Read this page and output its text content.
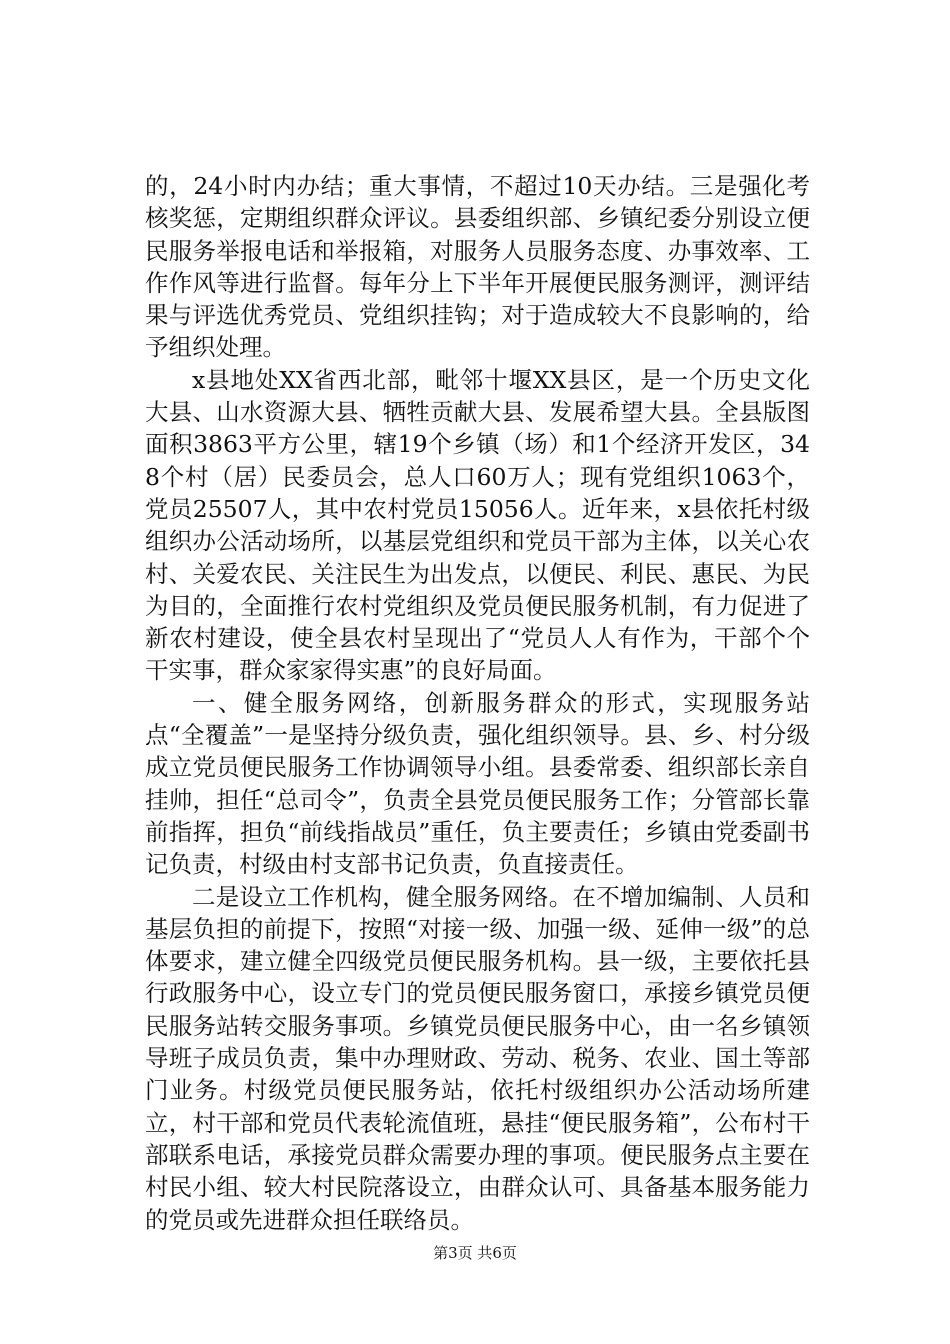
的，24小时内办结；重大事情，不超过10天办结。三是强化考核奖惩，定期组织群众评议。县委组织部、乡镇纪委分别设立便民服务举报电话和举报箱，对服务人员服务态度、办事效率、工作作风等进行监督。每年分上下半年开展便民服务测评，测评结果与评选优秀党员、党组织挂钩；对于造成较大不良影响的，给予组织处理。

x县地处XX省西北部，毗邻十堰XX县区，是一个历史文化大县、山水资源大县、牺牲贡献大县、发展希望大县。全县版图面积3863平方公里，辖19个乡镇（场）和1个经济开发区，348个村（居）民委员会，总人口60万人；现有党组织1063个，党员25507人，其中农村党员15056人。近年来，x县依托村级组织办公活动场所，以基层党组织和党员干部为主体，以关心农村、关爱农民、关注民生为出发点，以便民、利民、惠民、为民为目的，全面推行农村党组织及党员便民服务机制，有力促进了新农村建设，使全县农村呈现出了“党员人人有作为，干部个个干实事，群众家家得实惠”的良好局面。

一、健全服务网络，创新服务群众的形式，实现服务站点“全覆盖”一是坚持分级负责，强化组织领导。县、乡、村分级成立党员便民服务工作协调领导小组。县委常委、组织部长亲自挂帅，担任“总司令”，负责全县党员便民服务工作；分管部长靠前指挥，担负“前线指战员”重任，负主要责任；乡镇由党委副书记负责，村级由村支部书记负责，负直接责任。

二是设立工作机构，健全服务网络。在不增加编制、人员和基层负担的前提下，按照“对接一级、加强一级、延伸一级”的总体要求，建立健全四级党员便民服务机构。县一级，主要依托县行政服务中心，设立专门的党员便民服务窗口，承接乡镇党员便民服务站转交服务事项。乡镇党员便民服务中心，由一名乡镇领导班子成员负责，集中办理财政、劳动、税务、农业、国土等部门业务。村级党员便民服务站，依托村级组织办公活动场所建立，村干部和党员代表轮流值班，悬挂“便民服务箱”，公布村干部联系电话，承接党员群众需要办理的事项。便民服务点主要在村民小组、较大村民院落设立，由群众认可、具备基本服务能力的党员或先进群众担任联络员。

第3页 共6页
